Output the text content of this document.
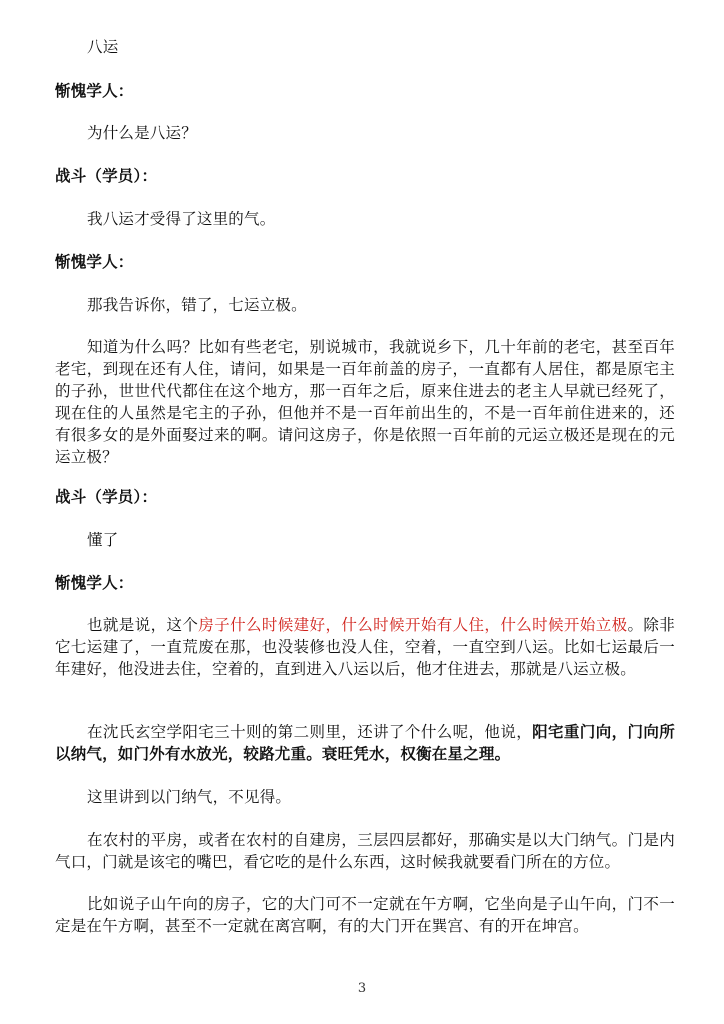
八运

惭愧学人：

为什么是八运？

战斗（学员）：

我八运才受得了这里的气。

惭愧学人：

那我告诉你，错了，七运立极。

知道为什么吗？比如有些老宅，别说城市，我就说乡下，几十年前的老宅，甚至百年老宅，到现在还有人住，请问，如果是一百年前盖的房子，一直都有人居住，都是原宅主的子孙，世世代代都住在这个地方，那一百年之后，原来住进去的老主人早就已经死了，现在住的人虽然是宅主的子孙，但他并不是一百年前出生的，不是一百年前住进来的，还有很多女的是外面娶过来的啊。请问这房子，你是依照一百年前的元运立极还是现在的元运立极？

战斗（学员）：

懂了

惭愧学人：

也就是说，这个房子什么时候建好，什么时候开始有人住，什么时候开始立极。除非它七运建了，一直荒废在那，也没装修也没人住，空着，一直空到八运。比如七运最后一年建好，他没进去住，空着的，直到进入八运以后，他才住进去，那就是八运立极。

在沈氏玄空学阳宅三十则的第二则里，还讲了个什么呢，他说，阳宅重门向，门向所以纳气，如门外有水放光，较路尤重。衰旺凭水，权衡在星之理。

这里讲到以门纳气，不见得。

在农村的平房，或者在农村的自建房，三层四层都好，那确实是以大门纳气。门是内气口，门就是该宅的嘴巴，看它吃的是什么东西，这时候我就要看门所在的方位。

比如说子山午向的房子，它的大门可不一定就在午方啊，它坐向是子山午向，门不一定是在午方啊，甚至不一定就在离宫啊，有的大门开在巽宫、有的开在坤宫。

3
